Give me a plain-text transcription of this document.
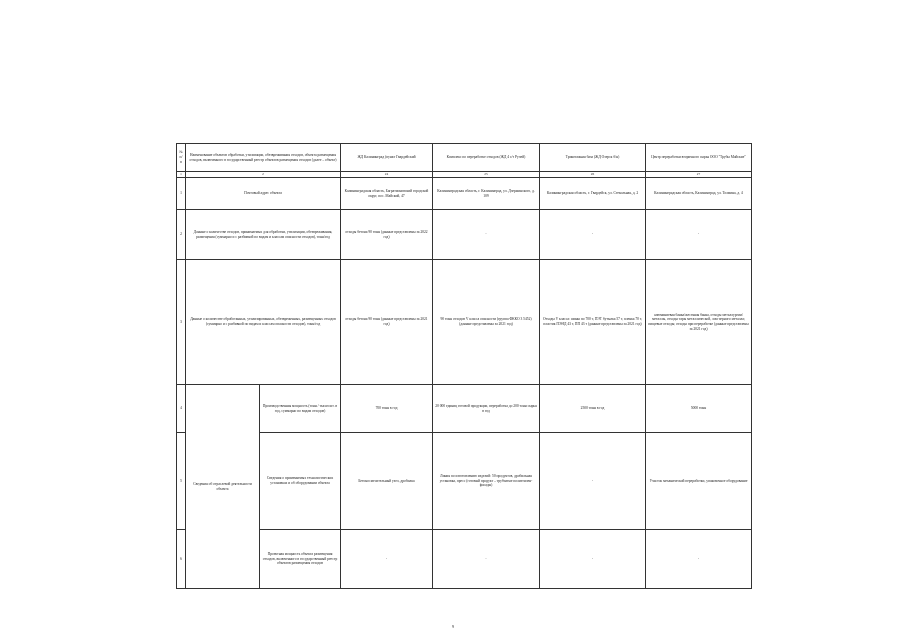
№ п/п	Наименование объектов обработки, утилизации, обезвреживания отходов, объекта размещения отходов, включенного в государственный реестр объектов размещения отходов (далее – объект)		ЖД Калининград (пункт Гвардейский	Комплекс по переработке отходов (ЖД 4 с/т Ручей)	Трикотажная база (ЖД Озерск б/н)	Центр переработки вторичного сырья ООО "Трубы Майские"
1	2		24	25	26	27
1	Почтовый адрес объекта		Калининградская область, Багратионовский городской округ, пос. Майский, 47	Калининградская область, г. Калининград, ул. Дзержинского, д. 109	Калининградская область, г. Гвардейск, ул. Стекольная, д. 2	Калининградская область, Калининград, ул. Толмина, д. 4
2	Данные о количестве отходов, принимаемых для обработки, утилизации, обезвреживания, размещения (суммарно и с разбивкой по видам и классам опасности отходов), тонн/год		отходы бетона 90 тонн (данные представлены за 2022 год)	-	-	-
3	Данные о количестве обработанных, утилизированных, обезвреженных, размещенных отходов (суммарно и с разбивкой по видам и классам опасности отходов), тонн/год		отходы бетона 90 тонн (данные представлены за 2021 год)	90 тонн отходов V класса опасности (группа ФККО 3 5452) (данные представлены за 2021 год)	Отходы V класса: шины по 700 т, ПЭТ бутылка 57 т, пленка 70 т, пластик ПЭНД 43 т, ПП 43 т (данные представлены за 2021 год)	алюминиевая банка/жестяная банка, отходы металлургии/металлы, отходы тары металлической, лом черного металла; пищевые отходы; отходы при переработке (данные представлены за 2021 год)
4	Сведения об отраслевой деятельности объекта	Производственная мощность (тонн / тысяч шт. в год, суммарно по видам отходов)	700 тонн в год	20 000 единиц готовой продукции, переработка до 200 тонн сырья в год	2500 тонн в год	5000 тонн
5		Сведения о применяемых технологических установках и об оборудовании объекта	Бетоносмесительный узел, дробилка	Линия по изготовлению изделий: 50 продуктов, дробильная установка, пресс (готовый продукт – трубчатые полиэтилен-фасады)	-	Участок механической переработки, упаковочное оборудование
6		Проектная мощность объекта размещения отходов, включенного в государственный реестр объектов размещения отходов	-	-	-	-
9
